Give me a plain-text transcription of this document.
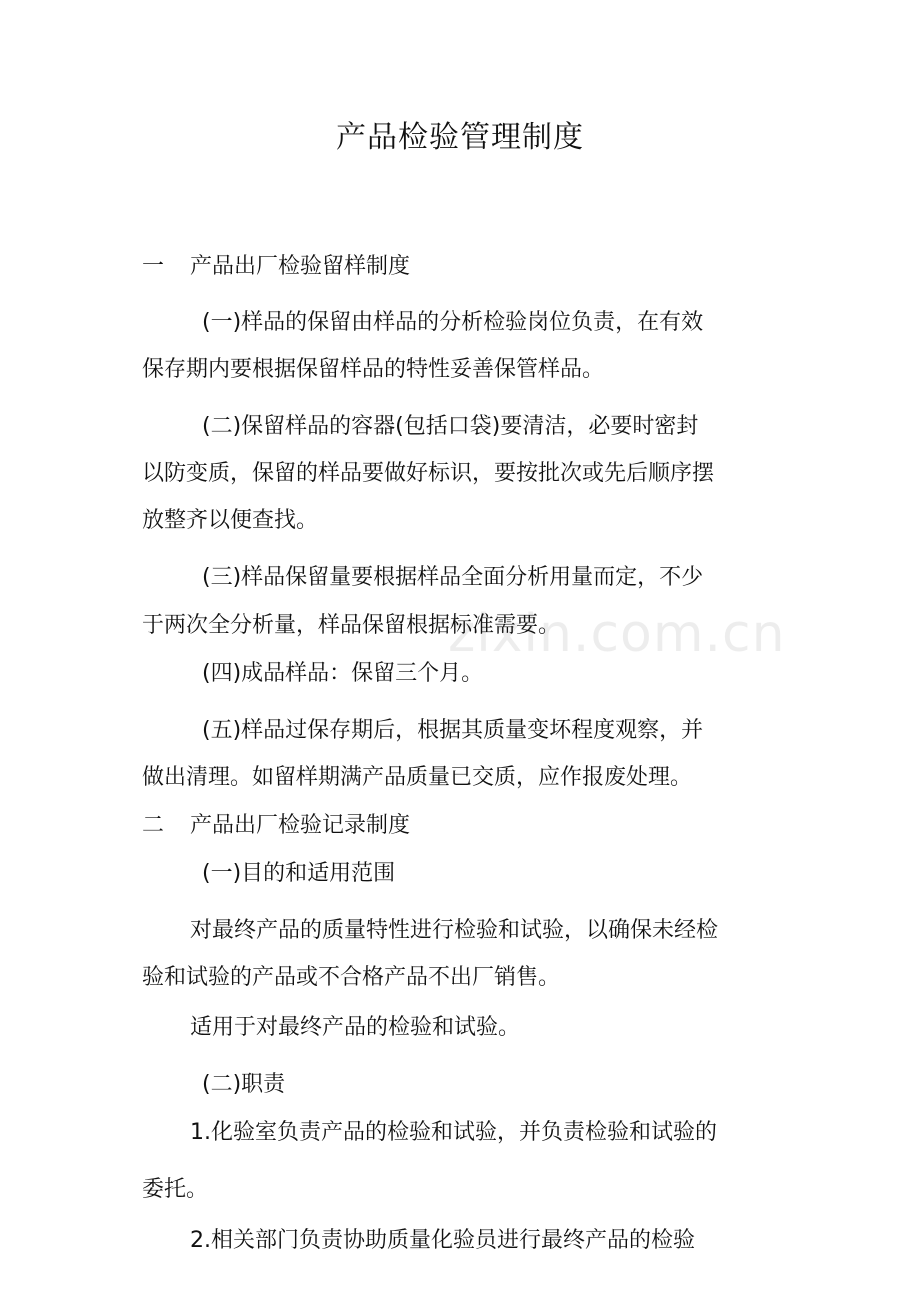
产品检验管理制度
zixin.com.cn
一 产品出厂检验留样制度
(一)样品的保留由样品的分析检验岗位负责，在有效
保存期内要根据保留样品的特性妥善保管样品。
(二)保留样品的容器(包括口袋)要清洁，必要时密封
以防变质，保留的样品要做好标识，要按批次或先后顺序摆
放整齐以便查找。
(三)样品保留量要根据样品全面分析用量而定，不少
于两次全分析量，样品保留根据标准需要。
(四)成品样品：保留三个月。
(五)样品过保存期后，根据其质量变坏程度观察，并
做出清理。如留样期满产品质量已交质，应作报废处理。
二 产品出厂检验记录制度
(一)目的和适用范围
对最终产品的质量特性进行检验和试验，以确保未经检
验和试验的产品或不合格产品不出厂销售。
适用于对最终产品的检验和试验。
(二)职责
1.化验室负责产品的检验和试验，并负责检验和试验的
委托。
2.相关部门负责协助质量化验员进行最终产品的检验
